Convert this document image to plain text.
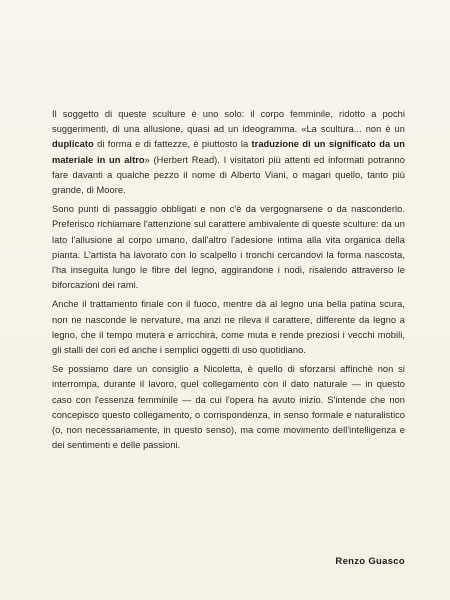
Il soggetto di queste sculture è uno solo: il corpo femminile, ridotto a pochi suggerimenti, di una allusione, quasi ad un ideogramma. «La scultura... non è un duplicato di forma e di fattezze, è piuttosto la traduzione di un significato da un materiale in un altro» (Herbert Read). I visitatori più attenti ed informati potranno fare davanti a qualche pezzo il nome di Alberto Viani, o magari quello, tanto più grande, di Moore.

Sono punti di passaggio obbligati e non c'è da vergognarsene o da nasconderlo. Preferisco richiamare l'attenzione sul carattere ambivalente di queste sculture: da un lato l'allusione al corpo umano, dall'altro l'adesione intima alla vita organica della pianta. L'artista ha lavorato con lo scalpello i tronchi cercandovi la forma nascosta, l'ha inseguita lungo le fibre del legno, aggirandone i nodi, risalendo attraverso le biforcazioni dei rami.

Anche il trattamento finale con il fuoco, mentre dà al legno una bella patina scura, non ne nasconde le nervature, ma anzi ne rileva il carattere, differente da legno a legno, che il tempo muterà e arricchirà, come muta e rende preziosi i vecchi mobili, gli stalli dei cori ed anche i semplici oggetti di uso quotidiano.

Se possiamo dare un consiglio a Nicoletta, è quello di sforzarsi affinchè non si interrompa, durante il lavoro, quel collegamento con il dato naturale — in questo caso con l'essenza femminile — da cui l'opera ha avuto inizio. S'intende che non concepisco questo collegamento, o corrispondenza, in senso formale e naturalistico (o, non necessariamente, in questo senso), ma come movimento dell'intelligenza e dei sentimenti e delle passioni.

Renzo Guasco
